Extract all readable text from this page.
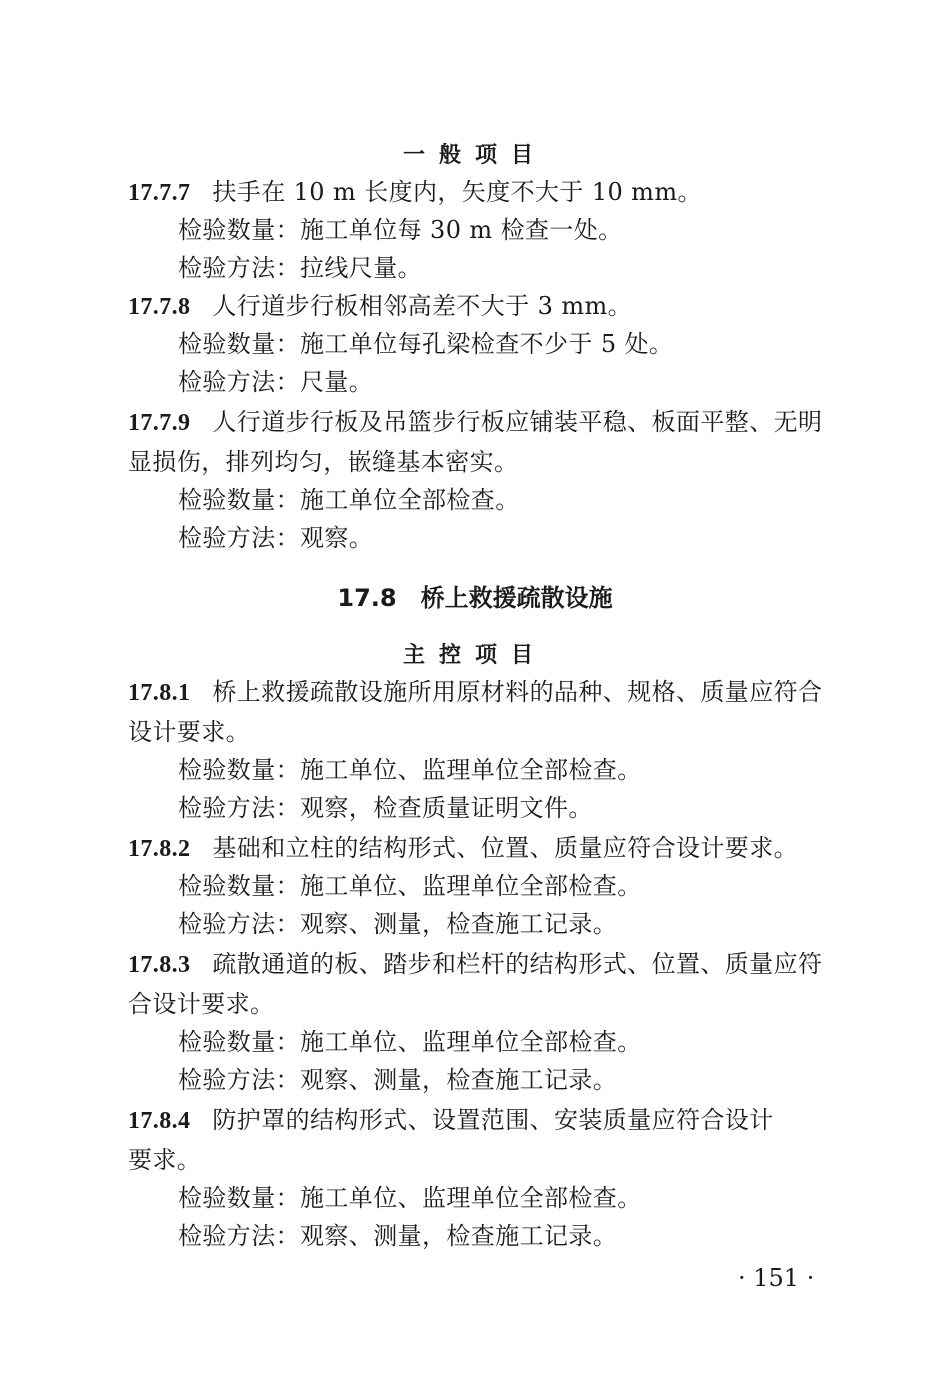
一般项目
17.7.7 扶手在 10 m 长度内，矢度不大于 10 mm。
检验数量：施工单位每 30 m 检查一处。
检验方法：拉线尺量。
17.7.8 人行道步行板相邻高差不大于 3 mm。
检验数量：施工单位每孔梁检查不少于 5 处。
检验方法：尺量。
17.7.9 人行道步行板及吊篮步行板应铺装平稳、板面平整、无明
显损伤，排列均匀，嵌缝基本密实。
检验数量：施工单位全部检查。
检验方法：观察。
17.8 桥上救援疏散设施
主控项目
17.8.1 桥上救援疏散设施所用原材料的品种、规格、质量应符合
设计要求。
检验数量：施工单位、监理单位全部检查。
检验方法：观察，检查质量证明文件。
17.8.2 基础和立柱的结构形式、位置、质量应符合设计要求。
检验数量：施工单位、监理单位全部检查。
检验方法：观察、测量，检查施工记录。
17.8.3 疏散通道的板、踏步和栏杆的结构形式、位置、质量应符
合设计要求。
检验数量：施工单位、监理单位全部检查。
检验方法：观察、测量，检查施工记录。
17.8.4 防护罩的结构形式、设置范围、安装质量应符合设计
要求。
检验数量：施工单位、监理单位全部检查。
检验方法：观察、测量，检查施工记录。
· 151 ·
